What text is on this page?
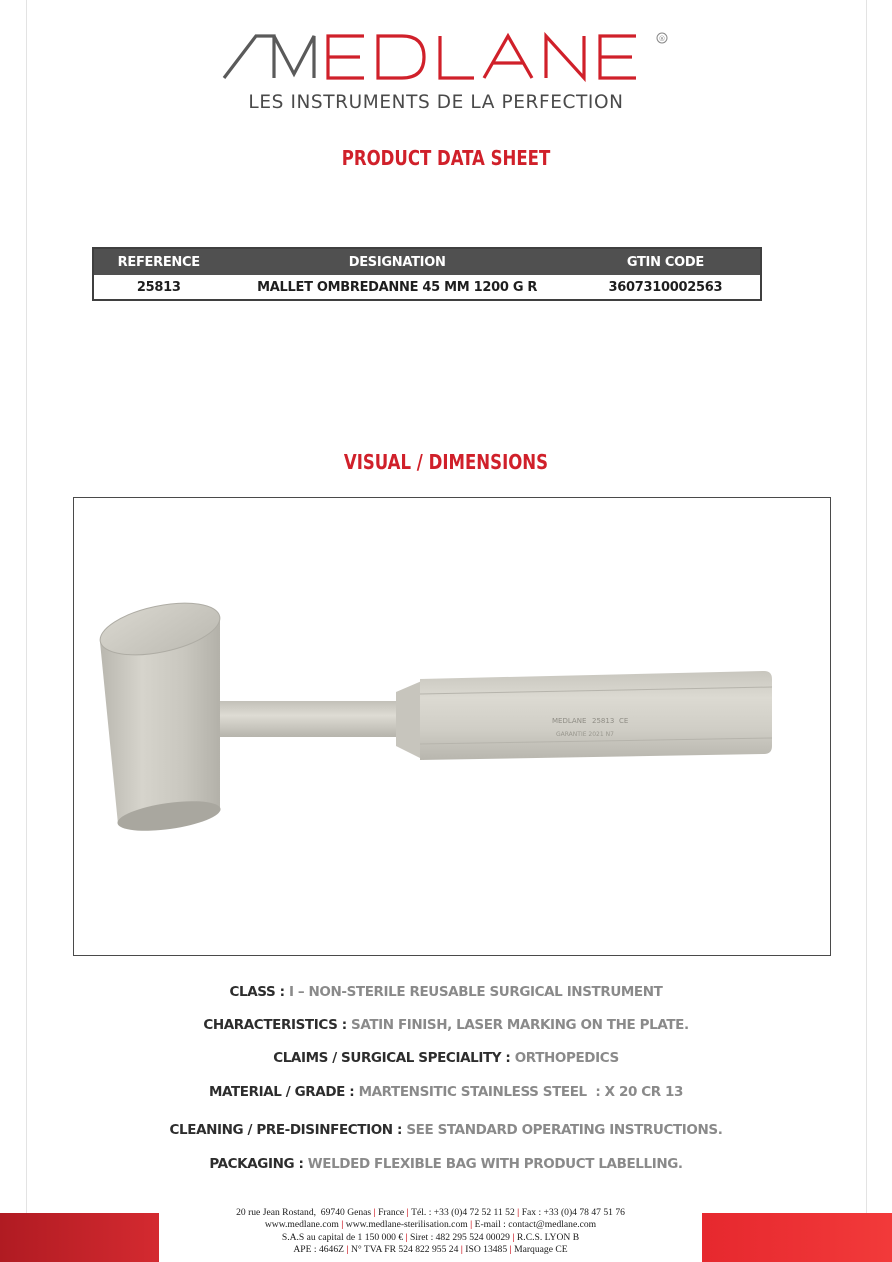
®
LES INSTRUMENTS DE LA PERFECTION
PRODUCT DATA SHEET
REFERENCE	DESIGNATION	GTIN CODE
25813	MALLET OMBREDANNE 45 MM 1200 G R	3607310002563
VISUAL / DIMENSIONS
MEDLANE 25813 CE
GARANTIE 2021 N7
CLASS : I – NON-STERILE REUSABLE SURGICAL INSTRUMENT
CHARACTERISTICS : SATIN FINISH, LASER MARKING ON THE PLATE.
CLAIMS / SURGICAL SPECIALITY : ORTHOPEDICS
MATERIAL / GRADE : MARTENSITIC STAINLESS STEEL  : X 20 CR 13
CLEANING / PRE-DISINFECTION : SEE STANDARD OPERATING INSTRUCTIONS.
PACKAGING : WELDED FLEXIBLE BAG WITH PRODUCT LABELLING.
20 rue Jean Rostand,  69740 Genas | France | Tél. : +33 (0)4 72 52 11 52 | Fax : +33 (0)4 78 47 51 76
www.medlane.com | www.medlane-sterilisation.com | E-mail : contact@medlane.com
S.A.S au capital de 1 150 000 € | Siret : 482 295 524 00029 | R.C.S. LYON B
APE : 4646Z | N° TVA FR 524 822 955 24 | ISO 13485 | Marquage CE
